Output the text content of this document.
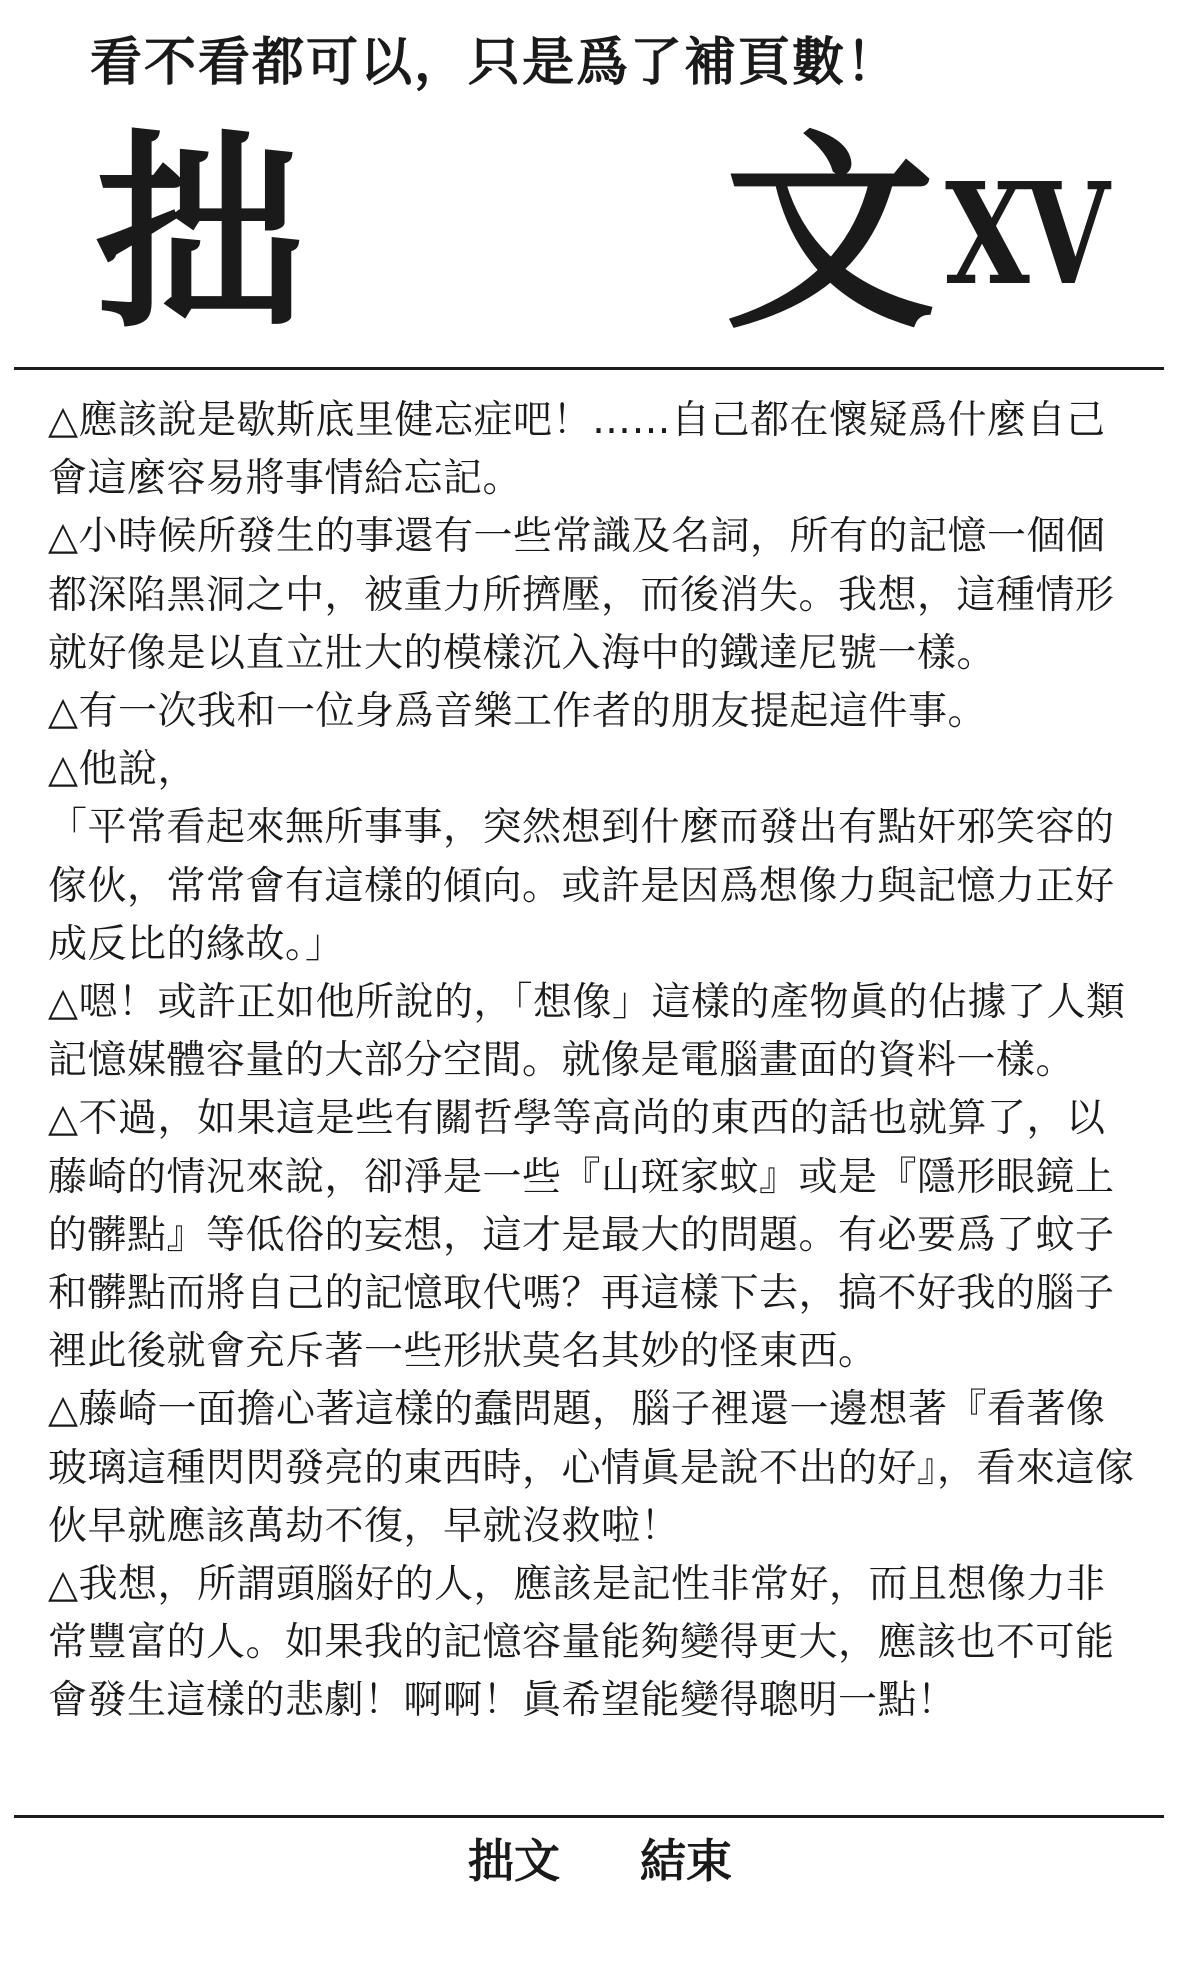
看不看都可以，只是爲了補頁數！
拙 文 XV

△應該說是歇斯底里健忘症吧！……自己都在懷疑爲什麼自己會這麼容易將事情給忘記。

△小時候所發生的事還有一些常識及名詞，所有的記憶一個個都深陷黑洞之中，被重力所擠壓，而後消失。我想，這種情形就好像是以直立壯大的模樣沉入海中的鐵達尼號一樣。

△有一次我和一位身爲音樂工作者的朋友提起這件事。

△他說，

「平常看起來無所事事，突然想到什麼而發出有點奸邪笑容的傢伙，常常會有這樣的傾向。或許是因爲想像力與記憶力正好成反比的緣故。」

△嗯！或許正如他所說的，「想像」這樣的產物眞的佔據了人類記憶媒體容量的大部分空間。就像是電腦畫面的資料一樣。

△不過，如果這是些有關哲學等高尚的東西的話也就算了，以藤崎的情況來說，卻淨是一些『山斑家蚊』或是『隱形眼鏡上的髒點』等低俗的妄想，這才是最大的問題。有必要爲了蚊子和髒點而將自己的記憶取代嗎？再這樣下去，搞不好我的腦子裡此後就會充斥著一些形狀莫名其妙的怪東西。

△藤崎一面擔心著這樣的蠢問題，腦子裡還一邊想著『看著像玻璃這種閃閃發亮的東西時，心情眞是說不出的好』，看來這傢伙早就應該萬劫不復，早就沒救啦！

△我想，所謂頭腦好的人，應該是記性非常好，而且想像力非常豐富的人。如果我的記憶容量能夠變得更大，應該也不可能會發生這樣的悲劇！啊啊！眞希望能變得聰明一點！

拙文 結束
